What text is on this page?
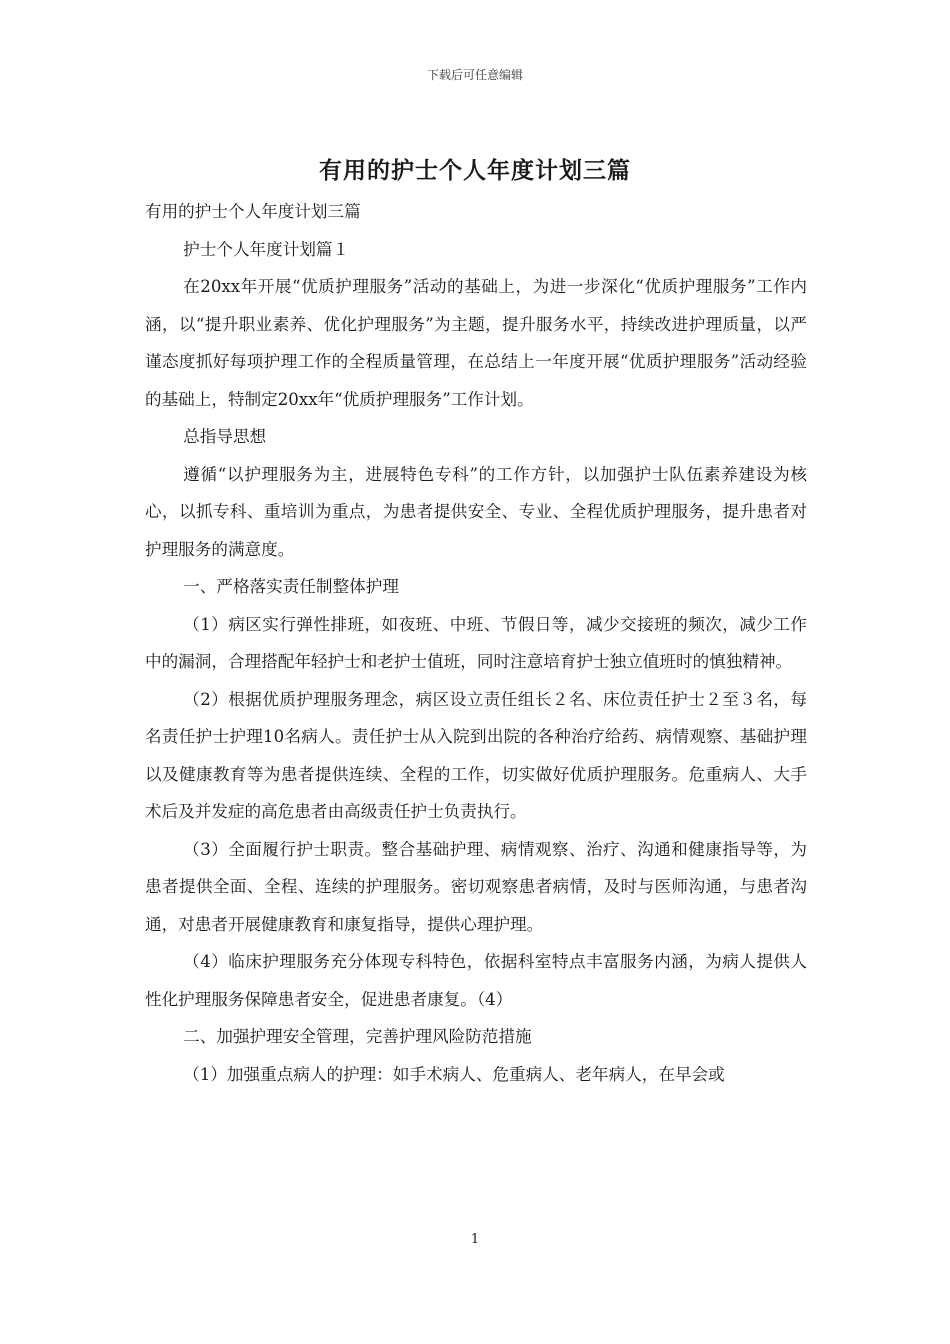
下载后可任意编辑
有用的护士个人年度计划三篇

有用的护士个人年度计划三篇

护士个人年度计划篇１

在20xx年开展“优质护理服务”活动的基础上，为进一步深化“优质护理服务”工作内涵，以“提升职业素养、优化护理服务”为主题，提升服务水平，持续改进护理质量，以严谨态度抓好每项护理工作的全程质量管理，在总结上一年度开展“优质护理服务”活动经验的基础上，特制定20xx年“优质护理服务”工作计划。

总指导思想

遵循“以护理服务为主，进展特色专科”的工作方针，以加强护士队伍素养建设为核心，以抓专科、重培训为重点，为患者提供安全、专业、全程优质护理服务，提升患者对护理服务的满意度。

一、严格落实责任制整体护理

（1）病区实行弹性排班，如夜班、中班、节假日等，减少交接班的频次，减少工作中的漏洞，合理搭配年轻护士和老护士值班，同时注意培育护士独立值班时的慎独精神。

（2）根据优质护理服务理念，病区设立责任组长２名、床位责任护士２至３名，每名责任护士护理10名病人。责任护士从入院到出院的各种治疗给药、病情观察、基础护理以及健康教育等为患者提供连续、全程的工作，切实做好优质护理服务。危重病人、大手术后及并发症的高危患者由高级责任护士负责执行。

（3）全面履行护士职责。整合基础护理、病情观察、治疗、沟通和健康指导等，为患者提供全面、全程、连续的护理服务。密切观察患者病情，及时与医师沟通，与患者沟通，对患者开展健康教育和康复指导，提供心理护理。

（4）临床护理服务充分体现专科特色，依据科室特点丰富服务内涵，为病人提供人性化护理服务保障患者安全，促进患者康复。（4）

二、加强护理安全管理，完善护理风险防范措施

（1）加强重点病人的护理：如手术病人、危重病人、老年病人，在早会或

1
